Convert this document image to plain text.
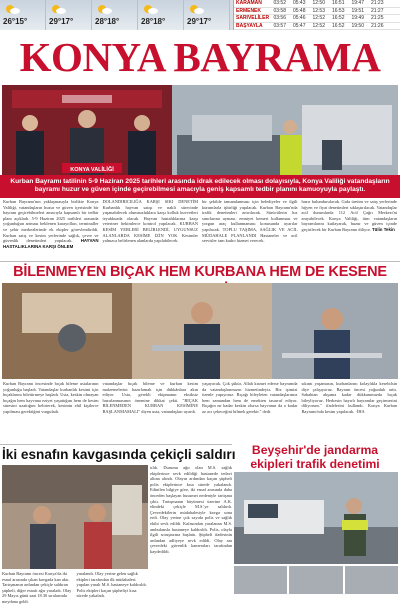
26°15°	29°17°	28°18°	28°18°	29°17°
KARAMAN	03:52	05:43	12:50	16:51	19:47	21:23
ERMENEK	03:58	05:48	12:53	16:53	19:51	21:27
SARIVELİLER 03:56	05:46	12:52	16:52	19:49	21:25
BAŞYAYLA	03:57	05:47	12:52	16:52	19:50	21:26
KONYA BAYRAMA
KONYA VALİLİĞİ
Kurban Bayramı tatilinin 5-9 Haziran 2025 tarihleri arasında idrak edilecek olması dolayısıyla, Konya Valiliği vatandaşların bayramı huzur ve güven içinde geçirebilmesi amacıyla geniş kapsamlı tedbir planını kamuoyuyla paylaştı.
Kurban Bayramı'nın yaklaşmasıyla birlikte Konya Valiliği, vatandaşların huzur ve güven içerisinde bir bayram geçirebilmeleri amacıyla kapsamlı bir tedbir planı açıkladı. 5-9 Haziran 2025 tarihleri arasında yoğunluğun artması beklenen karayolları, terminaller ve şehir merkezlerinde ek ekipler görevlendirildi. Kurban satış ve kesim yerlerinde sağlık, çevre ve güvenlik denetimleri yapılacak. HAYVAN HASTALIKLARINA KARŞI ÖNLEM
DOLANDIRICILIĞA KARŞI SIKI DENETİM Kurbanlık hayvan satışı ve nakli sürecinde yaşanabilecek olumsuzluklara karşı kolluk kuvvetleri teyakkuzda olacak. Hayvan hastalıklarına karşı veteriner hekimlerce kontrol yapılacak. KURBAN KESİM YERLERİ BELİRLENDİ, UYGUNSUZ ALANLARDA KESİME İZİN YOK Kesimler yalnızca belirlenen alanlarda yapılabilecek.
bir şekilde tamamlanması için belediyeler ve ilgili kurumlarla işbirliği yapılacak. Kurban Bayramı'nda trafik denetimleri artırılacak. Sürücülerin hız sınırlarına uyması, emniyet kemeri kullanması ve yorgun araç kullanmaması konusunda uyarılar yapılacak. TOPLU TAŞIMA, SAĞLIK VE ACİL MÜDAHALE PLANLANDI Hastaneler ve acil servisler tam kadro hizmet verecek.
hazır bulundurulacak. Gıda üretim ve satış yerlerinde hijyen ve fiyat denetimleri sıklaştırılacak. Vatandaşlar acil durumlarda 112 Acil Çağrı Merkezi'ni arayabilecek. Konya Valiliği, tüm vatandaşların bayramlarını kutlayarak, huzur ve güven içinde geçirilecek bir Kurban Bayramı diliyor. Tülin Tekin
BİLENMEYEN BIÇAK HEM KURBANA HEM DE KESENE
Kurban Bayramı öncesinde bıçak bileme ustalarının yoğunluğu başladı. Vatandaşlar kurbanlık kesimi için bıçaklarını bilettirmeye başladı. Usta, keskin olmayan bıçağın hem hayvana eziyet yaşattığını hem de kesim süresini uzattığını belirterek, kesimin ehil kişilerce yapılması gerektiğini vurguladı.
vatandaşlar bıçak bileme ve kurban kesim malzemelerini hazırlamak için dükkânlara akın ediyor. Usta, gerekli ekipmanın eksiksiz hazırlanmasının önemine dikkat çekti. "BIÇAK BİLENMEDEN KURBAN KESİMİNE BAŞLANMAMALI" diyen usta, vatandaşları uyardı.
yaşayacak. Çok şükür, Allah kısmet ederse bayramda da vatandaşlarımızın hizmetindeyiz. Biz işimizi özenle yapıyoruz. Bıçağı bileyleten vatandaşlarımız hem zamandan hem de emekten tasarruf ediyor. Bıçağın ne kadar keskin olursa hayvanın da o kadar az acı çekeceğini bilmek gerekir." dedi.
sıkıntı yaşamasın, kurbanlarını kolaylıkla kesebilsin diye çalışıyoruz. Bayram öncesi yoğunluk arttı. Sabahtan akşama kadar dükkanımızda bıçak bileyliyoruz. Herkesin hayırlı bayramlar geçirmesini diliyorum." ifadelerini kullandı. Konya Kurban Bayramı'nda kesim yapılacak. ·İHA
İki esnafın kavgasında çekiçli saldırı
tılık. Durumu ağır olan M.S. sağlık ekiplerince sevk edildiği hastanede tedavi altına alındı. Olayın ardından kaçan şüpheli polis ekiplerince kısa sürede yakalandı. Edinilen bilgiye göre, iki esnaf arasında daha önceden başlayan husumet nedeniyle tartışma çıktı. Tartışmanın büyümesi üzerine A.K. elindeki çekiçle M.S.'ye saldırdı. Çevredekilerin müdahalesiyle kavga sona erdi. Olay yerine çok sayıda polis ve sağlık ekibi sevk edildi. Kafasından yaralanan M.S. ambulansla hastaneye kaldırıldı. Polis, olayla ilgili soruşturma başlattı. Şüpheli ifadesinin ardından adliyeye sevk edildi. Olay anı çevredeki güvenlik kameraları tarafından kaydedildi.
Kurban Bayramı öncesi Konya'da iki esnaf arasında çıkan kavgada kan aktı. Tartışmanın ardından çekiçle saldıran şüpheli, diğer esnafı ağır yaraladı. Olay 29 Mayıs günü saat 18.30 sıralarında meydana geldi.
yaralandı. Olay yerine gelen sağlık ekipleri tarafından ilk müdahalesi yapılan yaralı M.S. hastaneye kaldırıldı. Polis ekipleri kaçan şüpheliyi kısa sürede yakaladı.
Beyşehir'de jandarma ekipleri trafik denetimi
